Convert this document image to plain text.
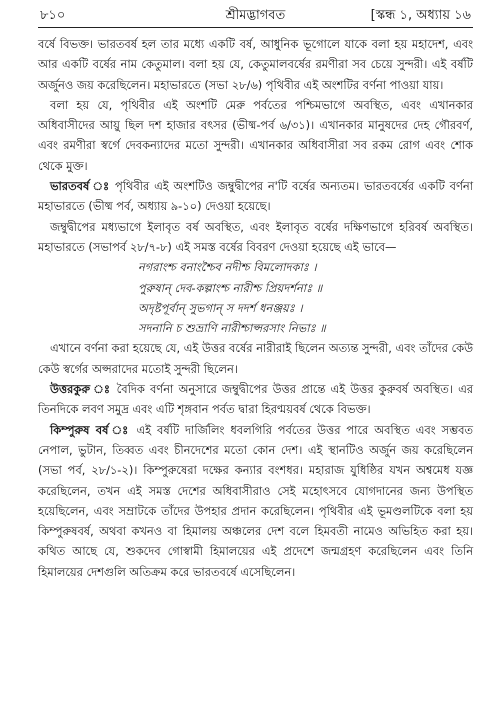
৮১০	শ্রীমদ্ভাগবত	[স্কন্ধ ১, অধ্যায় ১৬

বর্ষে বিভক্ত। ভারতবর্ষ হল তার মধ্যে একটি বর্ষ, আধুনিক ভূগোলে যাকে বলা হয় মহাদেশ, এবং আর একটি বর্ষের নাম কেতুমাল। বলা হয় যে, কেতুমালবর্ষের রমণীরা সব চেয়ে সুন্দরী। এই বর্ষটি অর্জুনও জয় করেছিলেন। মহাভারতে (সভা ২৮/৬) পৃথিবীর এই অংশটির বর্ণনা পাওয়া যায়।

বলা হয় যে, পৃথিবীর এই অংশটি মেরু পর্বতের পশ্চিমভাগে অবস্থিত, এবং এখানকার অধিবাসীদের আয়ু ছিল দশ হাজার বৎসর (ভীষ্ম-পর্ব ৬/৩১)। এখানকার মানুষদের দেহ গৌরবর্ণ, এবং রমণীরা স্বর্গে দেবকন্যাদের মতো সুন্দরী। এখানকার অধিবাসীরা সব রকম রোগ এবং শোক থেকে মুক্ত।

ভারতবর্ষ ঃ পৃথিবীর এই অংশটিও জম্বুদ্বীপের ন'টি বর্ষের অন্যতম। ভারতবর্ষের একটি বর্ণনা মহাভারতে (ভীষ্ম পর্ব, অধ্যায় ৯-১০) দেওয়া হয়েছে।

জম্বুদ্বীপের মধ্যভাগে ইলাবৃত বর্ষ অবস্থিত, এবং ইলাবৃত বর্ষের দক্ষিণভাগে হরিবর্ষ অবস্থিত। মহাভারতে (সভাপর্ব ২৮/৭-৮) এই সমস্ত বর্ষের বিবরণ দেওয়া হয়েছে এই ভাবে—

নগরাংশ্চ বনাংশ্চৈব নদীশ্চ বিমলোদকাঃ ।

পুরুষান্ দেব-কল্পাংশ্চ নারীশ্চ প্রিয়দর্শনাঃ ॥

অদৃষ্টপূর্বান্ সুভগান্ স দদর্শ ধনঞ্জয়ঃ ।

সদনানি চ শুভ্রাণি নারীশ্চাপ্সরসাং নিভাঃ ॥

এখানে বর্ণনা করা হয়েছে যে, এই উত্তর বর্ষের নারীরাই ছিলেন অত্যন্ত সুন্দরী, এবং তাঁদের কেউ কেউ স্বর্গের অপ্সরাদের মতোই সুন্দরী ছিলেন।

উত্তরকুরু ঃ বৈদিক বর্ণনা অনুসারে জম্বুদ্বীপের উত্তর প্রান্তে এই উত্তর কুরুবর্ষ অবস্থিত। এর তিনদিকে লবণ সমুদ্র এবং এটি শৃঙ্গবান পর্বত দ্বারা হিরণ্ময়বর্ষ থেকে বিভক্ত।

কিম্পুরুষ বর্ষ ঃ এই বর্ষটি দার্জিলিং ধবলগিরি পর্বতের উত্তর পারে অবস্থিত এবং সম্ভবত নেপাল, ভুটান, তিব্বত এবং চীনদেশের মতো কোন দেশ। এই স্থানটিও অর্জুন জয় করেছিলেন (সভা পর্ব, ২৮/১-২)। কিম্পুরুষেরা দক্ষের কন্যার বংশধর। মহারাজ যুধিষ্ঠির যখন অশ্বমেধ যজ্ঞ করেছিলেন, তখন এই সমস্ত দেশের অধিবাসীরাও সেই মহোৎসবে যোগদানের জন্য উপস্থিত হয়েছিলেন, এবং সম্রাটকে তাঁদের উপহার প্রদান করেছিলেন। পৃথিবীর এই ভূমণ্ডলটিকে বলা হয় কিম্পুরুষবর্ষ, অথবা কখনও বা হিমালয় অঞ্চলের দেশ বলে হিমবতী নামেও অভিহিত করা হয়। কথিত আছে যে, শুকদেব গোস্বামী হিমালয়ের এই প্রদেশে জন্মগ্রহণ করেছিলেন এবং তিনি হিমালয়ের দেশগুলি অতিক্রম করে ভারতবর্ষে এসেছিলেন।
